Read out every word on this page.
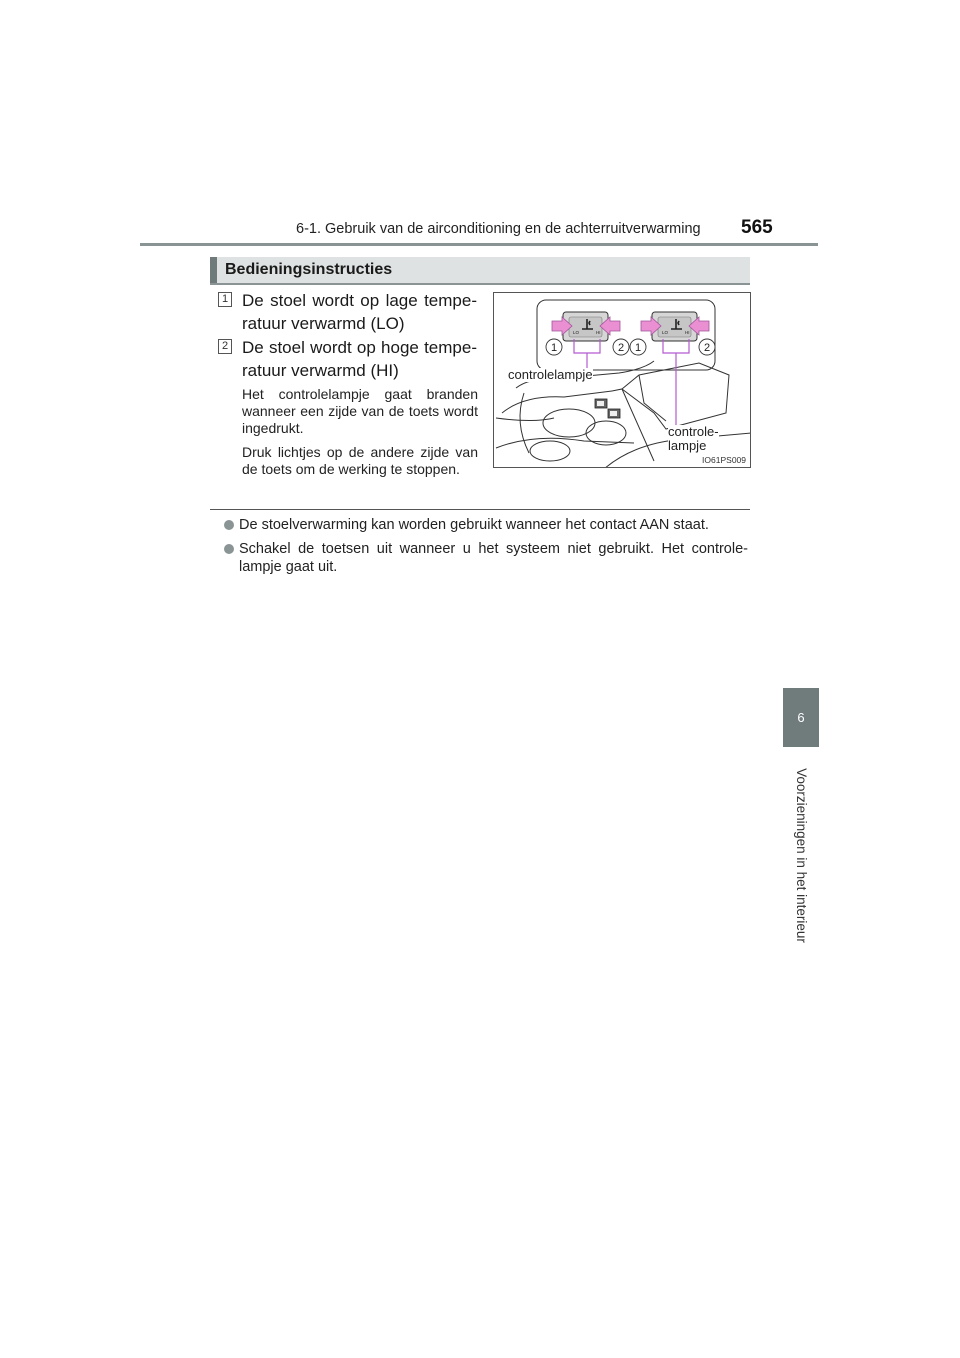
6-1. Gebruik van de airconditioning en de achterruitverwarming 565
6
Voorzieningen in het interieur
Bedieningsinstructies
1 De stoel wordt op lage tempe-ratuur verwarmd (LO)
2 De stoel wordt op hoge tempe-ratuur verwarmd (HI)
Het controlelampje gaat branden wanneer een zijde van de toets wordt ingedrukt.
Druk lichtjes op de andere zijde van de toets om de werking te stoppen.
LO	HI	LO	HI
1	2 1	2
controlelampje
controle-
lampje
IO61PS009
De stoelverwarming kan worden gebruikt wanneer het contact AAN staat.
Schakel de toetsen uit wanneer u het systeem niet gebruikt. Het controle-lampje gaat uit.
